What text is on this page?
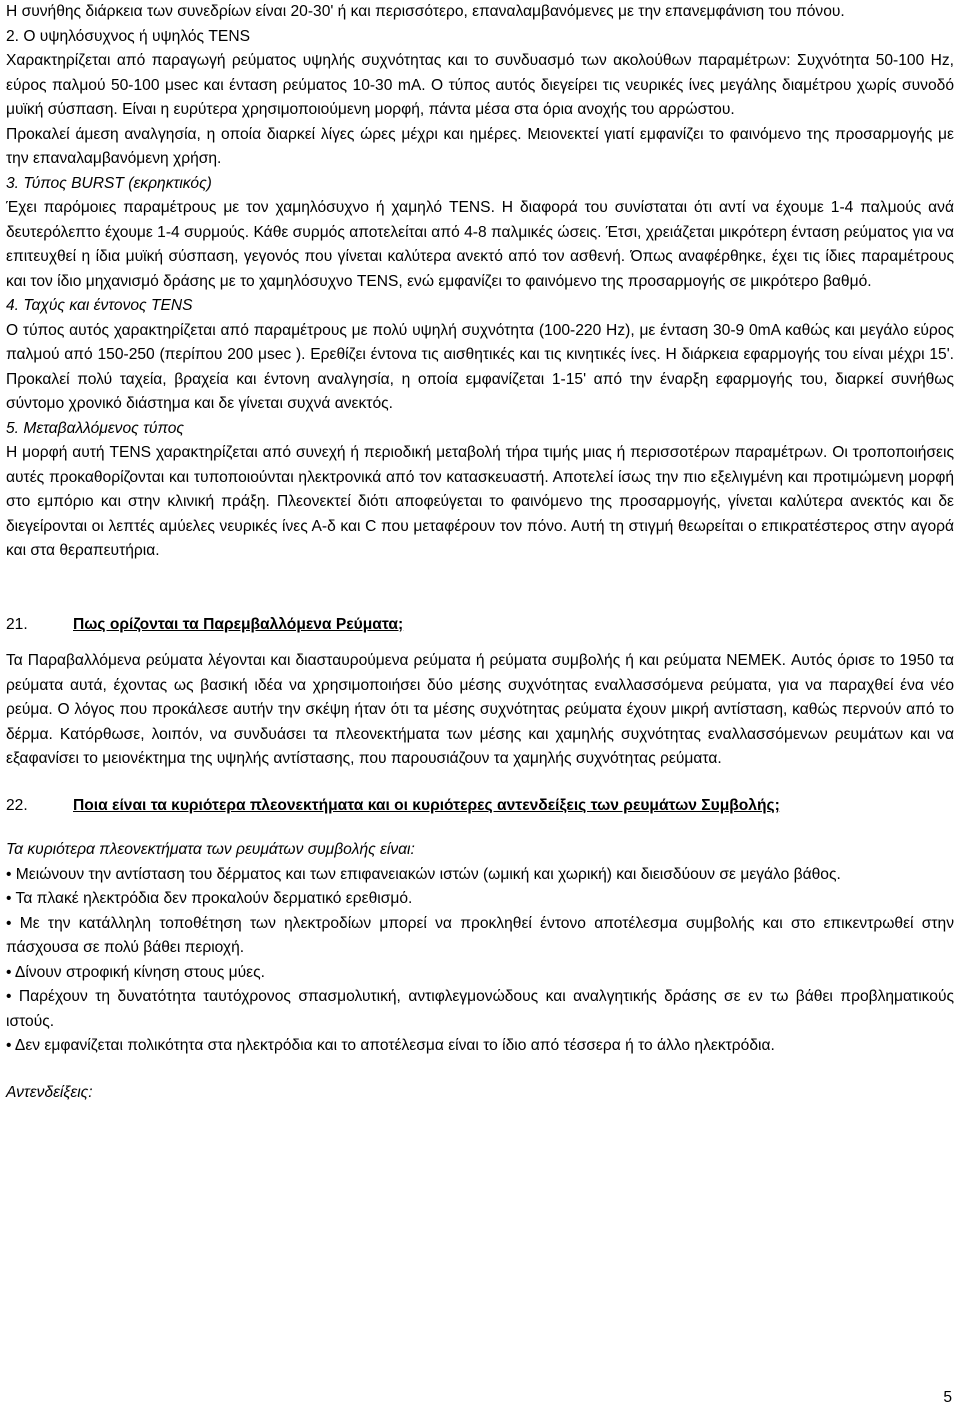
Η συνήθης διάρκεια των συνεδρίων είναι 20-30' ή και περισσότερο, επαναλαμβανόμενες με την επανεμφάνιση του πόνου.

2. Ο υψηλόσυχνος ή υψηλός TENS

Χαρακτηρίζεται από παραγωγή ρεύματος υψηλής συχνότητας και το συνδυασμό των ακολούθων παραμέτρων: Συχνότητα 50-100 Hz, εύρος παλμού 50-100 μsec και ένταση ρεύματος 10-30 mA. Ο τύπος αυτός διεγείρει τις νευρικές ίνες μεγάλης διαμέτρου χωρίς συνοδό μυϊκή σύσπαση. Είναι η ευρύτερα χρησιμοποιούμενη μορφή, πάντα μέσα στα όρια ανοχής του αρρώστου.

Προκαλεί άμεση αναλγησία, η οποία διαρκεί λίγες ώρες μέχρι και ημέρες. Μειονεκτεί γιατί εμφανίζει το φαινόμενο της προσαρμογής με την επαναλαμβανόμενη χρήση.

3. Τύπος BURST (εκρηκτικός)

Έχει παρόμοιες παραμέτρους με τον χαμηλόσυχνο ή χαμηλό TENS. Η διαφορά του συνίσταται ότι αντί να έχουμε 1-4 παλμούς ανά δευτερόλεπτο έχουμε 1-4 συρμούς. Κάθε συρμός αποτελείται από 4-8 παλμικές ώσεις. Έτσι, χρειάζεται μικρότερη ένταση ρεύματος για να επιτευχθεί η ίδια μυϊκή σύσπαση, γεγονός που γίνεται καλύτερα ανεκτό από τον ασθενή. Όπως αναφέρθηκε, έχει τις ίδιες παραμέτρους και τον ίδιο μηχανισμό δράσης με το χαμηλόσυχνο TENS, ενώ εμφανίζει το φαινόμενο της προσαρμογής σε μικρότερο βαθμό.

4. Ταχύς και έντονος TENS

Ο τύπος αυτός χαρακτηρίζεται από παραμέτρους με πολύ υψηλή συχνότητα (100-220 Hz), με ένταση 30-9 0mA καθώς και μεγάλο εύρος παλμού από 150-250 (περίπου 200 μsec ). Ερεθίζει έντονα τις αισθητικές και τις κινητικές ίνες. Η διάρκεια εφαρμογής του είναι μέχρι 15'. Προκαλεί πολύ ταχεία, βραχεία και έντονη αναλγησία, η οποία εμφανίζεται 1-15' από την έναρξη εφαρμογής του, διαρκεί συνήθως σύντομο χρονικό διάστημα και δε γίνεται συχνά ανεκτός.

5. Μεταβαλλόμενος τύπος

Η μορφή αυτή TENS χαρακτηρίζεται από συνεχή ή περιοδική μεταβολή τήρα τιμής μιας ή περισσοτέρων παραμέτρων. Οι τροποποιήσεις αυτές προκαθορίζονται και τυποποιούνται ηλεκτρονικά από τον κατασκευαστή. Αποτελεί ίσως την πιο εξελιγμένη και προτιμώμενη μορφή στο εμπόριο και στην κλινική πράξη. Πλεονεκτεί διότι αποφεύγεται το φαινόμενο της προσαρμογής, γίνεται καλύτερα ανεκτός και δε διεγείρονται οι λεπτές αμύελες νευρικές ίνες Α-δ και C που μεταφέρουν τον πόνο. Αυτή τη στιγμή θεωρείται ο επικρατέστερος στην αγορά και στα θεραπευτήρια.

21.	Πως ορίζονται τα Παρεμβαλλόμενα Ρεύματα;

Τα Παραβαλλόμενα ρεύματα λέγονται και διασταυρούμενα ρεύματα ή ρεύματα συμβολής ή και ρεύματα NEMEK. Αυτός όρισε το 1950 τα ρεύματα αυτά, έχοντας ως βασική ιδέα να χρησιμοποιήσει δύο μέσης συχνότητας εναλλασσόμενα ρεύματα, για να παραχθεί ένα νέο ρεύμα. Ο λόγος που προκάλεσε αυτήν την σκέψη ήταν ότι τα μέσης συχνότητας ρεύματα έχουν μικρή αντίσταση, καθώς περνούν από το δέρμα. Κατόρθωσε, λοιπόν, να συνδυάσει τα πλεονεκτήματα των μέσης και χαμηλής συχνότητας εναλλασσόμενων ρευμάτων και να εξαφανίσει το μειονέκτημα της υψηλής αντίστασης, που παρουσιάζουν τα χαμηλής συχνότητας ρεύματα.

22.	Ποια είναι τα κυριότερα πλεονεκτήματα και οι κυριότερες αντενδείξεις των ρευμάτων Συμβολής;

Τα κυριότερα πλεονεκτήματα των ρευμάτων συμβολής είναι:

• Μειώνουν την αντίσταση του δέρματος και των επιφανειακών ιστών (ωμική και χωρική) και διεισδύουν σε μεγάλο βάθος.

• Τα πλακέ ηλεκτρόδια δεν προκαλούν δερματικό ερεθισμό.

• Με την κατάλληλη τοποθέτηση των ηλεκτροδίων μπορεί να προκληθεί έντονο αποτέλεσμα συμβολής και στο επικεντρωθεί στην πάσχουσα σε πολύ βάθει περιοχή.

• Δίνουν στροφική κίνηση στους μύες.

• Παρέχουν τη δυνατότητα ταυτόχρονος σπασμολυτική, αντιφλεγμονώδους και αναλγητικής δράσης σε εν τω βάθει προβληματικούς ιστούς.

• Δεν εμφανίζεται πολικότητα στα ηλεκτρόδια και το αποτέλεσμα είναι το ίδιο από τέσσερα ή το άλλο ηλεκτρόδια.

Αντενδείξεις:

5
